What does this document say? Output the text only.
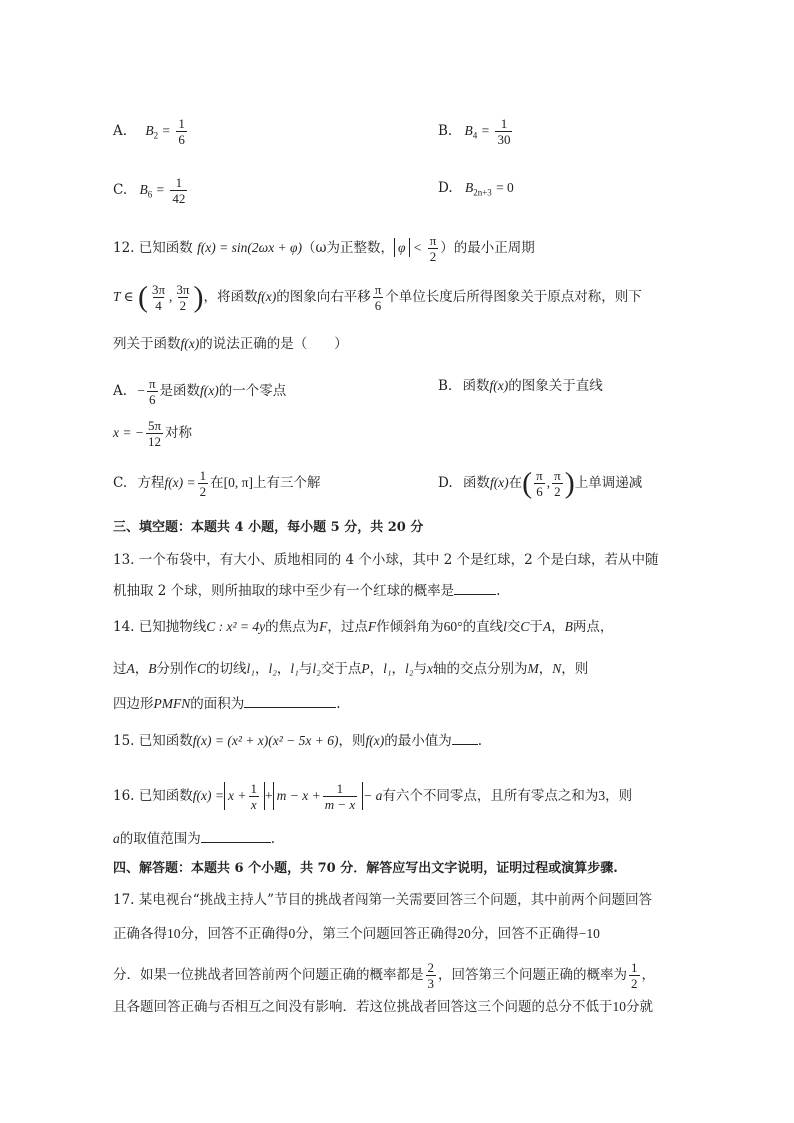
A. $B_2 = \frac{1}{6}$	B. $B_4 = \frac{1}{30}$
C. $B_6 = \frac{1}{42}$	D. $B_{2n+3} = 0$
12. 已知函数 f(x) = sin(2ωx + φ)（ω为正整数， $\varphi < \frac{\pi}{2}$ ）的最小正周期
T ∈ ( $\frac{3\pi}{4}$ , $\frac{3\pi}{2}$ )，将函数f(x)的图象向右平移 $\frac{\pi}{6}$ 个单位长度后所得图象关于原点对称，则下
列关于函数f(x)的说法正确的是（　　）
A. − $\frac{\pi}{6}$ 是函数f(x)的一个零点	B. 函数f(x)的图象关于直线
x = − $\frac{5\pi}{12}$ 对称
C. 方程$f(x) = \frac{1}{2}$ 在[0, π]上有三个解	D. 函数f(x)在( $\frac{\pi}{6}$ , $\frac{\pi}{2}$ )上单调递减
三、填空题：本题共 4 小题，每小题 5 分，共 20 分
13. 一个布袋中，有大小、质地相同的 4 个小球，其中 2 个是红球，2 个是白球，若从中随
机抽取 2 个球，则所抽取的球中至少有一个红球的概率是	.
14. 已知抛物线C : x² = 4y的焦点为F，过点F作倾斜角为60°的直线l交C于A，B两点，
过A，B分别作C的切线l₁，l₂，l₁与l₂交于点P，l₁，l₂与x轴的交点分别为M，N，则
四边形PMFN的面积为	.
15. 已知函数f(x) = (x² + x)(x² − 5x + 6)，则f(x)的最小值为 .
16. 已知函数$f(x) = x + \frac{1}{x} + m - x + \frac{1}{m - x} - a$有六个不同零点，且所有零点之和为3，则
a的取值范围为	.
四、解答题：本题共 6 个小题，共 70 分．解答应写出文字说明，证明过程或演算步骤.
17. 某电视台“挑战主持人”节目的挑战者闯第一关需要回答三个问题，其中前两个问题回答
正确各得10分，回答不正确得0分，第三个问题回答正确得20分，回答不正确得−10
分．如果一位挑战者回答前两个问题正确的概率都是 $\frac{2}{3}$ ，回答第三个问题正确的概率为 $\frac{1}{2}$ ，
且各题回答正确与否相互之间没有影响．若这位挑战者回答这三个问题的总分不低于10分就
